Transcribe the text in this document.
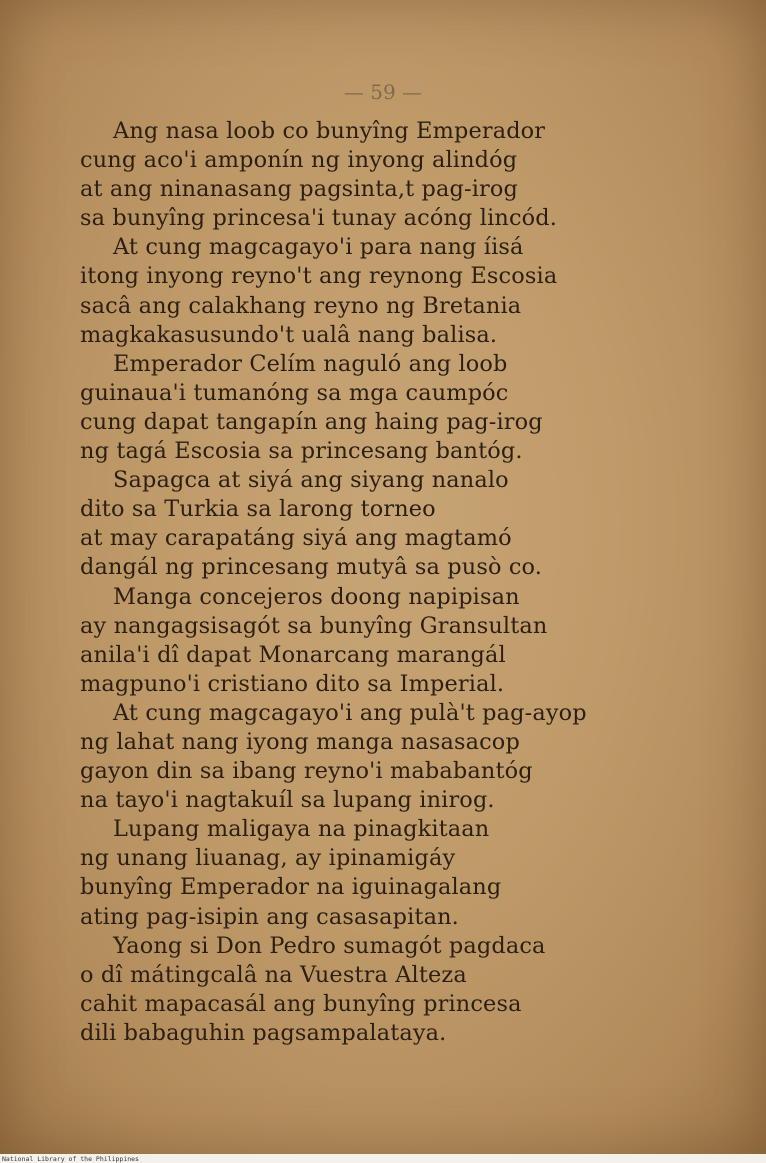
— 59 —
Ang nasa loob co bunyîng Emperador
cung aco'i amponín ng inyong alindóg
at ang ninanasang pagsinta,t pag-irog
sa bunyîng princesa'i tunay acóng lincód.
At cung magcagayo'i para nang íisá
itong inyong reyno't ang reynong Escosia
sacâ ang calakhang reyno ng Bretania
magkakasusundo't ualâ nang balisa.
Emperador Celím naguló ang loob
guinaua'i tumanóng sa mga caumpóc
cung dapat tangapín ang haing pag-irog
ng tagá Escosia sa princesang bantóg.
Sapagca at siyá ang siyang nanalo
dito sa Turkia sa larong torneo
at may carapatáng siyá ang magtamó
dangál ng princesang mutyâ sa pusò co.
Manga concejeros doong napipisan
ay nangagsisagót sa bunyîng Gransultan
anila'i dî dapat Monarcang marangál
magpuno'i cristiano dito sa Imperial.
At cung magcagayo'i ang pulà't pag-ayop
ng lahat nang iyong manga nasasacop
gayon din sa ibang reyno'i mababantóg
na tayo'i nagtakuíl sa lupang inirog.
Lupang maligaya na pinagkitaan
ng unang liuanag, ay ipinamigáy
bunyîng Emperador na iguinagalang
ating pag-isipin ang casasapitan.
Yaong si Don Pedro sumagót pagdaca
o dî mátingcalâ na Vuestra Alteza
cahit mapacasál ang bunyîng princesa
dili babaguhin pagsampalataya.
National Library of the Philippines
